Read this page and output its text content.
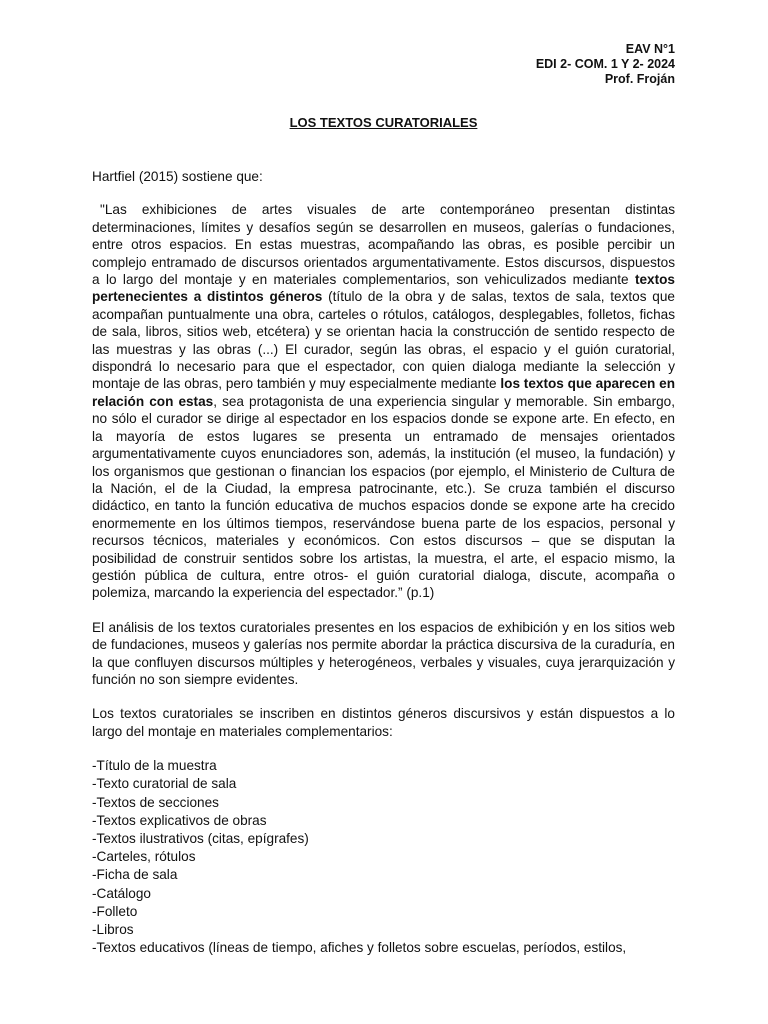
EAV N°1
EDI 2- COM. 1 Y 2- 2024
Prof. Froján
LOS TEXTOS CURATORIALES
Hartfiel (2015) sostiene que:
"Las exhibiciones de artes visuales de arte contemporáneo presentan distintas determinaciones, límites y desafíos según se desarrollen en museos, galerías o fundaciones, entre otros espacios. En estas muestras, acompañando las obras, es posible percibir un complejo entramado de discursos orientados argumentativamente. Estos discursos, dispuestos a lo largo del montaje y en materiales complementarios, son vehiculizados mediante textos pertenecientes a distintos géneros (título de la obra y de salas, textos de sala, textos que acompañan puntualmente una obra, carteles o rótulos, catálogos, desplegables, folletos, fichas de sala, libros, sitios web, etcétera) y se orientan hacia la construcción de sentido respecto de las muestras y las obras (...) El curador, según las obras, el espacio y el guión curatorial, dispondrá lo necesario para que el espectador, con quien dialoga mediante la selección y montaje de las obras, pero también y muy especialmente mediante los textos que aparecen en relación con estas, sea protagonista de una experiencia singular y memorable. Sin embargo, no sólo el curador se dirige al espectador en los espacios donde se expone arte. En efecto, en la mayoría de estos lugares se presenta un entramado de mensajes orientados argumentativamente cuyos enunciadores son, además, la institución (el museo, la fundación) y los organismos que gestionan o financian los espacios (por ejemplo, el Ministerio de Cultura de la Nación, el de la Ciudad, la empresa patrocinante, etc.). Se cruza también el discurso didáctico, en tanto la función educativa de muchos espacios donde se expone arte ha crecido enormemente en los últimos tiempos, reservándose buena parte de los espacios, personal y recursos técnicos, materiales y económicos. Con estos discursos – que se disputan la posibilidad de construir sentidos sobre los artistas, la muestra, el arte, el espacio mismo, la gestión pública de cultura, entre otros- el guión curatorial dialoga, discute, acompaña o polemiza, marcando la experiencia del espectador.” (p.1)
El análisis de los textos curatoriales presentes en los espacios de exhibición y en los sitios web de fundaciones, museos y galerías nos permite abordar la práctica discursiva de la curaduría, en la que confluyen discursos múltiples y heterogéneos, verbales y visuales, cuya jerarquización y función no son siempre evidentes.
Los textos curatoriales se inscriben en distintos géneros discursivos y están dispuestos a lo largo del montaje en materiales complementarios:
-Título de la muestra
-Texto curatorial de sala
-Textos de secciones
-Textos explicativos de obras
-Textos ilustrativos (citas, epígrafes)
-Carteles, rótulos
-Ficha de sala
-Catálogo
-Folleto
-Libros
-Textos educativos (líneas de tiempo, afiches y folletos sobre escuelas, períodos, estilos,
